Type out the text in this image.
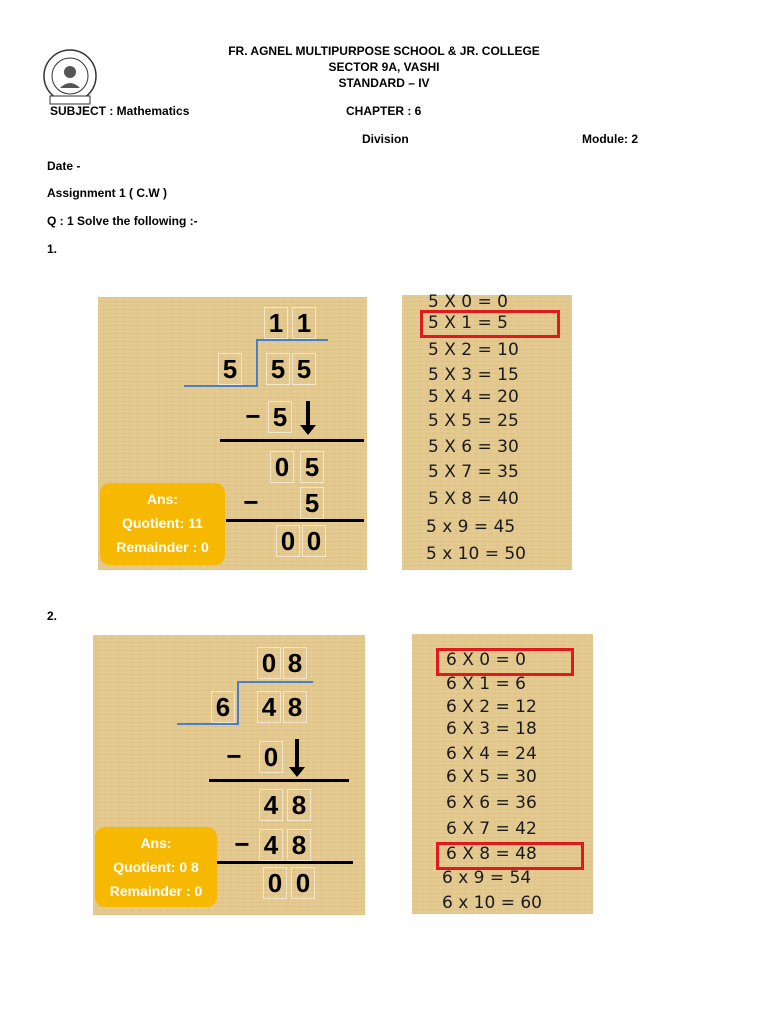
FR. AGNEL MULTIPURPOSE SCHOOL & JR. COLLEGE
SECTOR 9A, VASHI
STANDARD – IV
SUBJECT : Mathematics	CHAPTER : 6
Division	Module: 2
Date -
Assignment 1 ( C.W )
Q : 1 Solve the following :-
1.
2.
1 1
5 5 5
− 5
0 5
− 5
0 0
Ans:
Quotient: 11
Remainder : 0
5 X 0 = 0
5 X 1 = 5
5 X 2 = 10
5 X 3 = 15
5 X 4 = 20
5 X 5 = 25
5 X 6 = 30
5 X 7 = 35
5 X 8 = 40
5 x 9 = 45
5 x 10 = 50
0 8
6 4 8
− 0
4 8
− 4 8
0 0
Ans:
Quotient: 0 8
Remainder : 0
6 X 0 = 0
6 X 1 = 6
6 X 2 = 12
6 X 3 = 18
6 X 4 = 24
6 X 5 = 30
6 X 6 = 36
6 X 7 = 42
6 X 8 = 48
6 x 9 = 54
6 x 10 = 60
